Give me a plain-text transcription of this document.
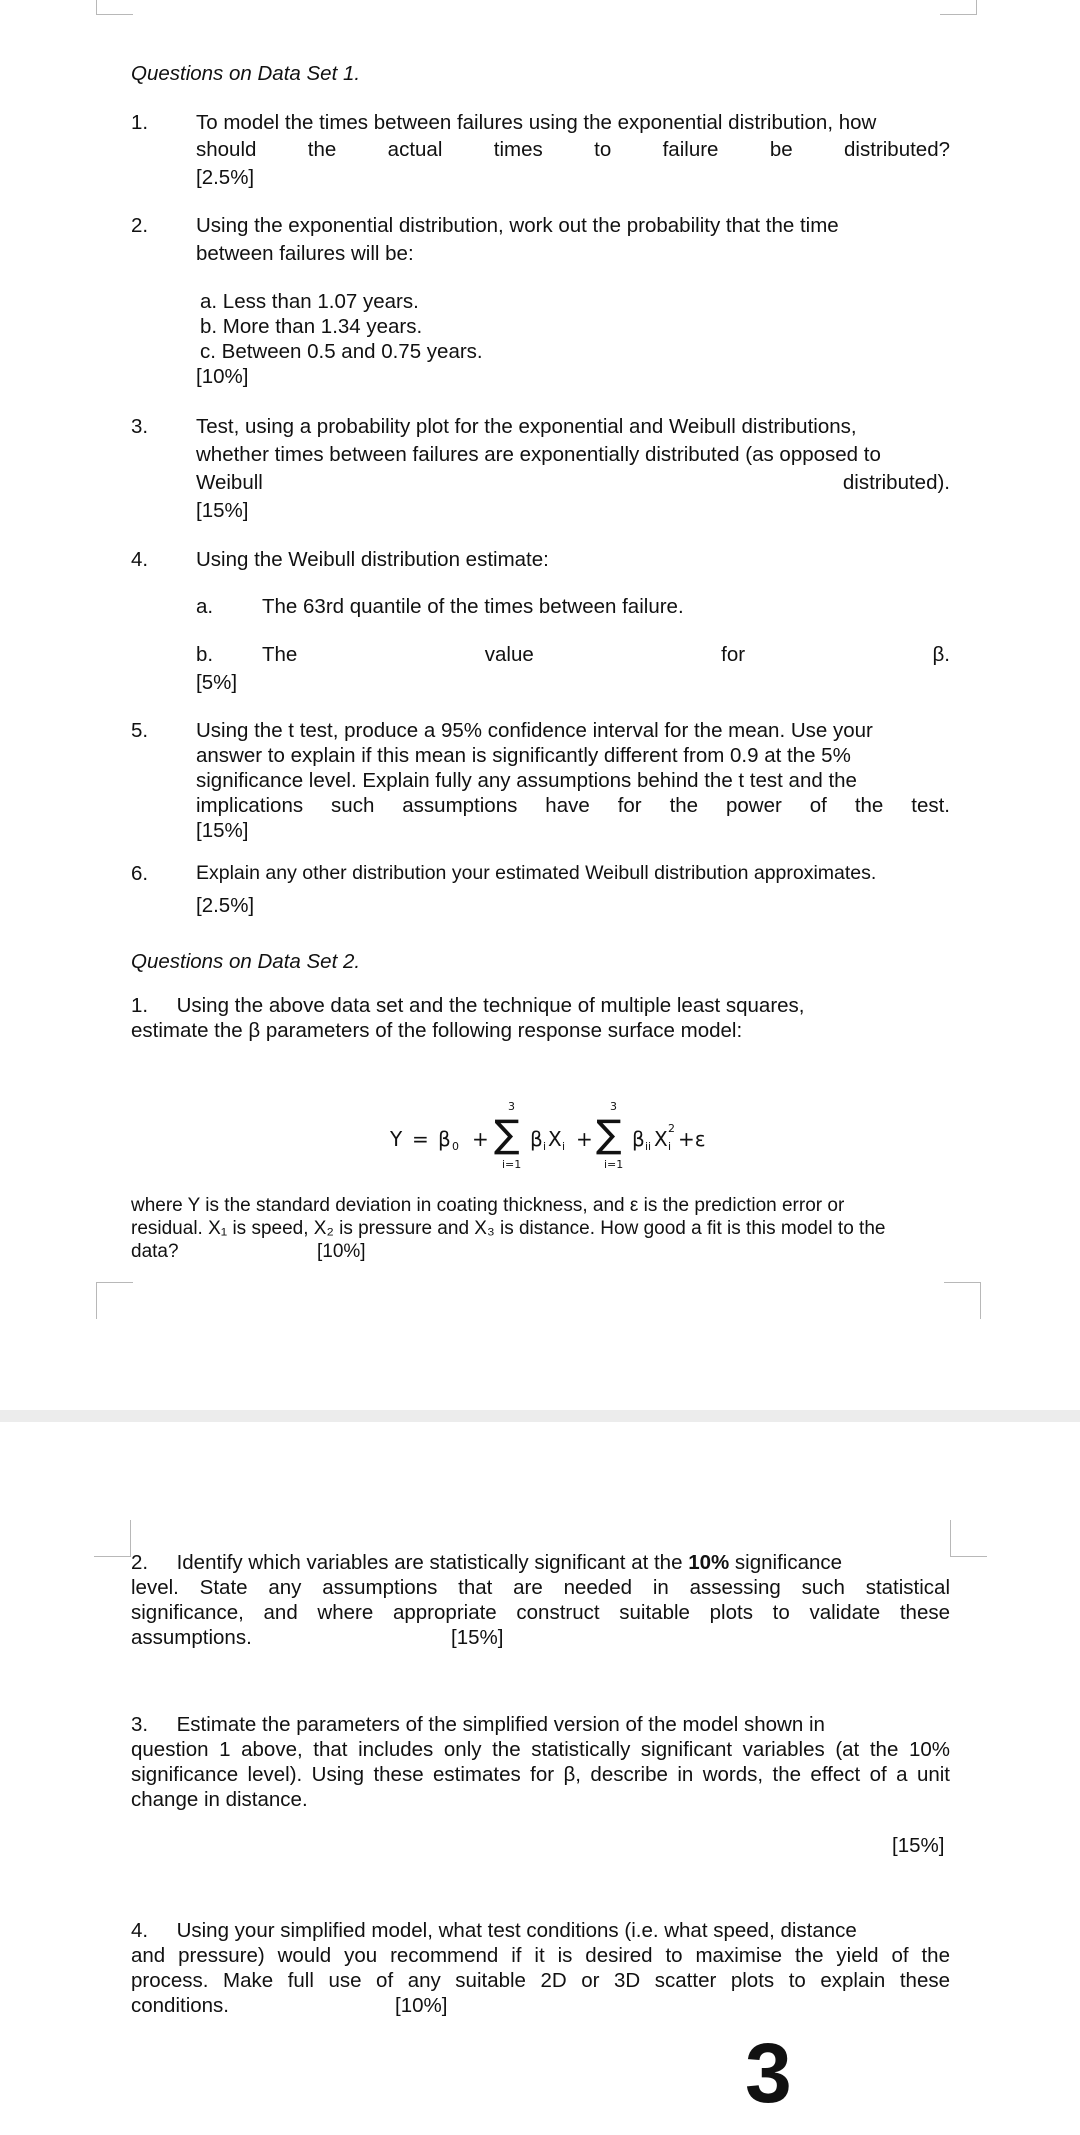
Questions on Data Set 1.
1. To model the times between failures using the exponential distribution, how
should	the	actual	times	to	failure	be	distributed?
[2.5%]
2. Using the exponential distribution, work out the probability that the time
between failures will be:
a. Less than 1.07 years.
b. More than 1.34 years.
c. Between 0.5 and 0.75 years.
[10%]
3. Test, using a probability plot for the exponential and Weibull distributions,
whether times between failures are exponentially distributed (as opposed to
Weibull	distributed).
[15%]
4. Using the Weibull distribution estimate:
a. The 63rd quantile of the times between failure.
b. The	value	for	β.
[5%]
5. Using the t test, produce a 95% confidence interval for the mean. Use your
answer to explain if this mean is significantly different from 0.9 at the 5%
significance level. Explain fully any assumptions behind the t test and the
implications such assumptions have for the power of the test.
[15%]
6. Explain any other distribution your estimated Weibull distribution approximates.
[2.5%]
Questions on Data Set 2.
1.     Using the above data set and the technique of multiple least squares,
estimate the β parameters of the following response surface model:
Y = β 0 +
3
∑
i=1
β i X i +
3
∑
i=1
β ii X 2
i +ε
where Y is the standard deviation in coating thickness, and ε is the prediction error or
residual. X₁ is speed, X₂ is pressure and X₃ is distance. How good a fit is this model to the
data?	[10%]
2.     Identify which variables are statistically significant at the 10% significance
level. State any assumptions that are needed in assessing such statistical
significance, and where appropriate construct suitable plots to validate these
assumptions.	[15%]
3.     Estimate the parameters of the simplified version of the model shown in
question 1 above, that includes only the statistically significant variables (at the 10%
significance level). Using these estimates for β, describe in words, the effect of a unit
change in distance.
[15%]
4.     Using your simplified model, what test conditions (i.e. what speed, distance
and pressure) would you recommend if it is desired to maximise the yield of the
process. Make full use of any suitable 2D or 3D scatter plots to explain these
conditions.	[10%]
3
